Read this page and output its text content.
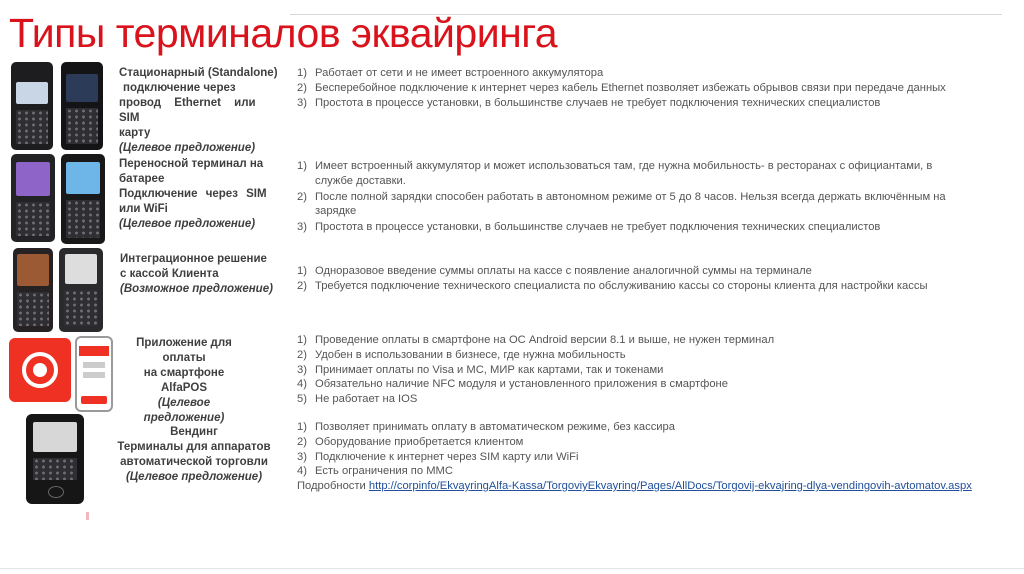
Типы терминалов эквайринга
Стационарный (Standalone)
подключение через
провод Ethernet или SIM
карту
(Целевое предложение)
1) Работает от сети и не имеет встроенного аккумулятора
2) Бесперебойное подключение к интернет через кабель Ethernet позволяет избежать обрывов связи при передаче данных
3) Простота в процессе установки, в большинстве случаев не требует подключения технических специалистов
Переносной терминал на
батарее
Подключение через SIM
или WiFi
(Целевое предложение)
1) Имеет встроенный аккумулятор и может использоваться там, где нужна мобильность- в ресторанах с официантами, в службе доставки.
2) После полной зарядки способен работать в автономном режиме от 5 до 8 часов. Нельзя всегда держать включённым на зарядке
3) Простота в процессе установки, в большинстве случаев не требует подключения технических специалистов
Интеграционное решение
с кассой Клиента
(Возможное предложение)
1) Одноразовое введение суммы оплаты на кассе с появление аналогичной суммы на терминале
2) Требуется подключение технического специалиста по обслуживанию кассы со стороны клиента для настройки кассы
Приложение для оплаты
на смартфоне
AlfaPOS
(Целевое предложение)
1) Проведение оплаты в смартфоне на ОС Android версии 8.1 и выше, не нужен терминал
2) Удобен в использовании в бизнесе, где нужна мобильность
3) Принимает оплаты по Visa и МС, МИР как картами, так и токенами
4) Обязательно наличие NFC модуля и установленного приложения в смартфоне
5) Не работает на IOS
Вендинг
Терминалы для аппаратов
автоматической торговли
(Целевое предложение)
1) Позволяет принимать оплату в автоматическом режиме, без кассира
2) Оборудование приобретается клиентом
3) Подключение к интернет через SIM карту или WiFi
4) Есть ограничения по ММС
Подробности http://corpinfo/EkvayringAlfa-Kassa/TorgoviyEkvayring/Pages/AllDocs/Torgovij-ekvajring-dlya-vendingovih-avtomatov.aspx
